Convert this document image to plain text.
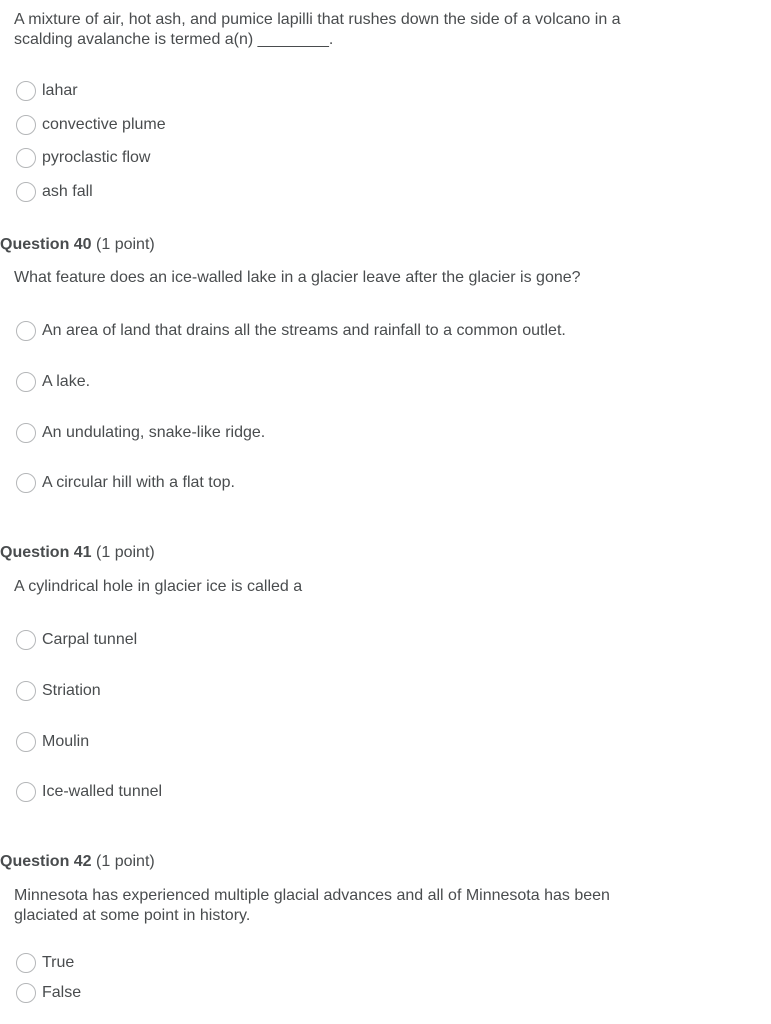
A mixture of air, hot ash, and pumice lapilli that rushes down the side of a volcano in a scalding avalanche is termed a(n) ________.
lahar
convective plume
pyroclastic flow
ash fall
Question 40 (1 point)
What feature does an ice-walled lake in a glacier leave after the glacier is gone?
An area of land that drains all the streams and rainfall to a common outlet.
A lake.
An undulating, snake-like ridge.
A circular hill with a flat top.
Question 41 (1 point)
A cylindrical hole in glacier ice is called a
Carpal tunnel
Striation
Moulin
Ice-walled tunnel
Question 42 (1 point)
Minnesota has experienced multiple glacial advances and all of Minnesota has been glaciated at some point in history.
True
False
